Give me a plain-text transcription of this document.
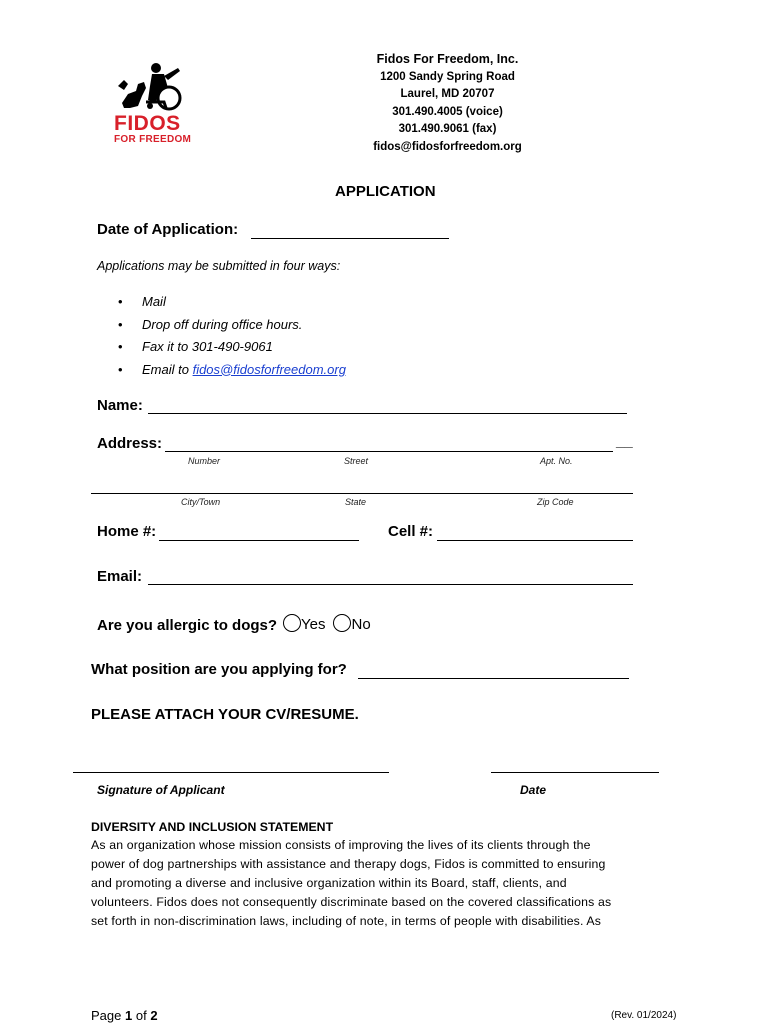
FIDOS
FOR FREEDOM
Fidos For Freedom, Inc.
1200 Sandy Spring Road
Laurel, MD 20707
301.490.4005 (voice)
301.490.9061 (fax)
fidos@fidosforfreedom.org
APPLICATION
Date of Application:
Applications may be submitted in four ways:
• Mail
• Drop off during office hours.
• Fax it to 301-490-9061
• Email to fidos@fidosforfreedom.org
Name:
Address:	__
Number	Street	Apt. No.
City/Town	State	Zip Code
Home #:	Cell #:
Email:
Are you allergic to dogs?	Yes No
What position are you applying for?
PLEASE ATTACH YOUR CV/RESUME.
Signature of Applicant	Date
DIVERSITY AND INCLUSION STATEMENT
As an organization whose mission consists of improving the lives of its clients through the
power of dog partnerships with assistance and therapy dogs, Fidos is committed to ensuring
and promoting a diverse and inclusive organization within its Board, staff, clients, and
volunteers. Fidos does not consequently discriminate based on the covered classifications as
set forth in non-discrimination laws, including of note, in terms of people with disabilities. As
Page 1 of 2	(Rev. 01/2024)
